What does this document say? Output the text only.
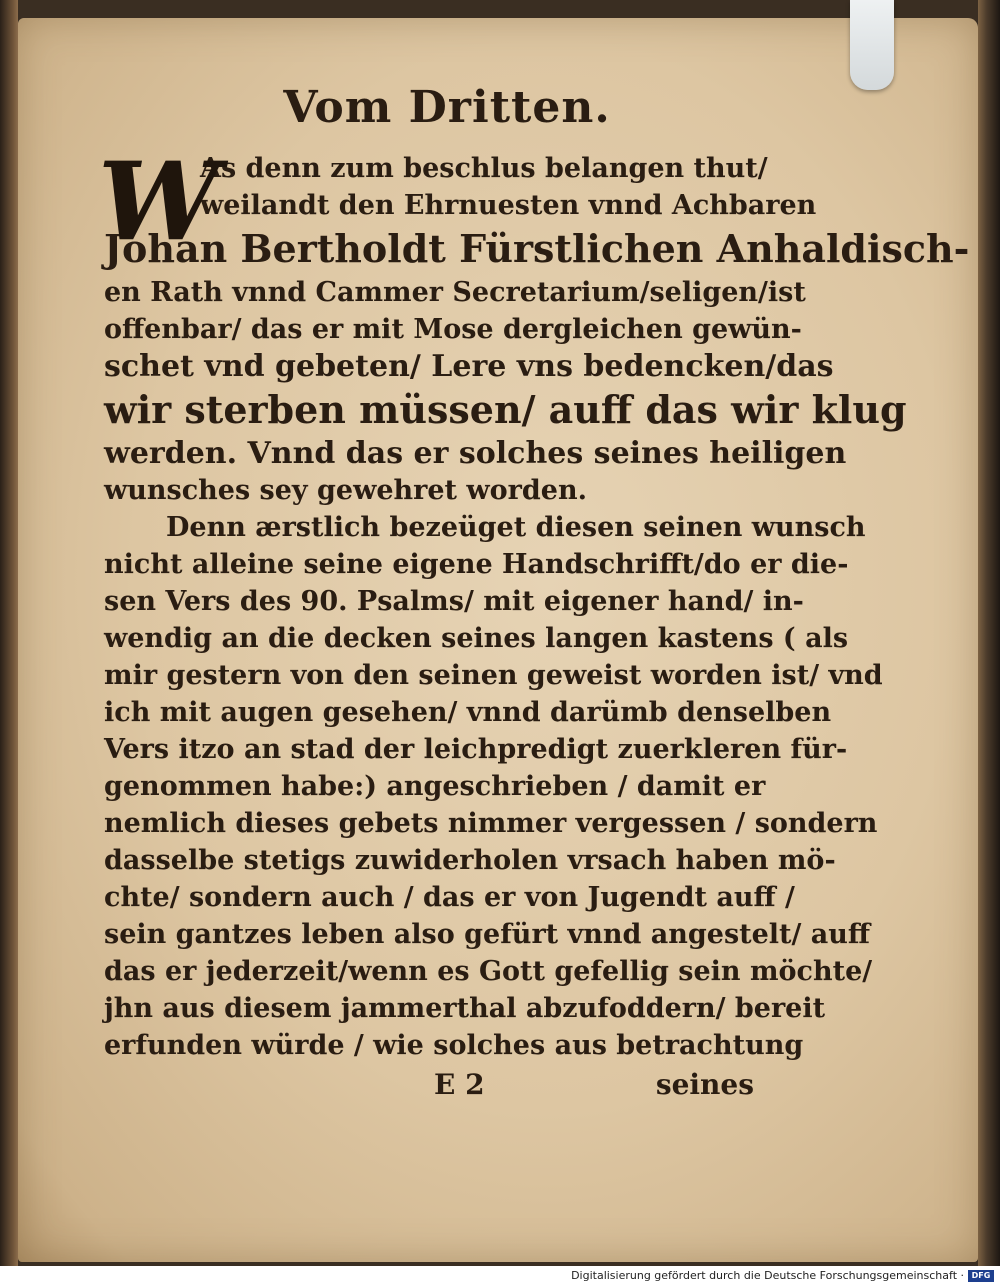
Vom Dritten.
W
As denn zum beschlus belangen thut/
weilandt den Ehrnuesten vnnd Achbaren
Johan Bertholdt Fürstlichen Anhaldisch-
en Rath vnnd Cammer Secretarium/seligen/ist
offenbar/ das er mit Mose dergleichen gewün-
schet vnd gebeten/ Lere vns bedencken/das
wir sterben müssen/ auff das wir klug
werden. Vnnd das er solches seines heiligen
wunsches sey gewehret worden.
Denn ærstlich bezeüget diesen seinen wunsch
nicht alleine seine eigene Handschrifft/do er die-
sen Vers des 90. Psalms/ mit eigener hand/ in-
wendig an die decken seines langen kastens ( als
mir gestern von den seinen geweist worden ist/ vnd
ich mit augen gesehen/ vnnd darümb denselben
Vers itzo an stad der leichpredigt zuerkleren für-
genommen habe:) angeschrieben / damit er
nemlich dieses gebets nimmer vergessen / sondern
dasselbe stetigs zuwiderholen vrsach haben mö-
chte/ sondern auch / das er von Jugendt auff /
sein gantzes leben also gefürt vnnd angestelt/ auff
das er jederzeit/wenn es Gott gefellig sein möchte/
jhn aus diesem jammerthal abzufoddern/ bereit
erfunden würde / wie solches aus betrachtung
E 2	seines
Digitalisierung gefördert durch die Deutsche Forschungsgemeinschaft · DFG
